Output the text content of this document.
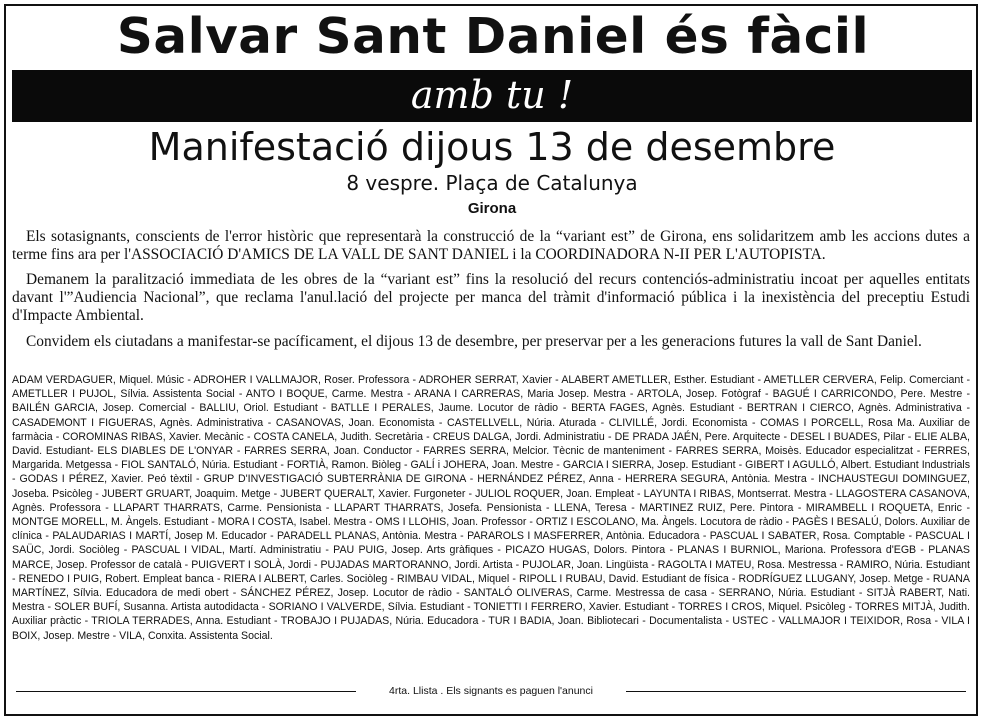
Salvar Sant Daniel és fàcil
amb tu !
Manifestació dijous 13 de desembre
8 vespre. Plaça de Catalunya
Girona
Els sotasignants, conscients de l'error històric que representarà la construcció de la “variant est” de Girona, ens solidaritzem amb les accions dutes a terme fins ara per l'ASSOCIACIÓ D'AMICS DE LA VALL DE SANT DANIEL i la COORDINADORA N-II PER L'AUTOPISTA.
Demanem la paralització immediata de les obres de la “variant est” fins la resolució del recurs contenciós-administratiu incoat per aquelles entitats davant l'”Audiencia Nacional”, que reclama l'anul.lació del projecte per manca del tràmit d'informació pública i la inexistència del preceptiu Estudi d'Impacte Ambiental.
Convidem els ciutadans a manifestar-se pacíficament, el dijous 13 de desembre, per preservar per a les generacions futures la vall de Sant Daniel.
ADAM VERDAGUER, Miquel. Músic - ADROHER I VALLMAJOR, Roser. Professora - ADROHER SERRAT, Xavier - ALABERT AMETLLER, Esther. Estudiant - AMETLLER CERVERA, Felip. Comerciant - AMETLLER I PUJOL, Sílvia. Assistenta Social - ANTO I BOQUE, Carme. Mestra - ARANA I CARRERAS, Maria Josep. Mestra - ARTOLA, Josep. Fotògraf - BAGUÉ I CARRICONDO, Pere. Mestre - BAILÉN GARCIA, Josep. Comercial - BALLIU, Oriol. Estudiant - BATLLE I PERALES, Jaume. Locutor de ràdio - BERTA FAGES, Agnès. Estudiant - BERTRAN I CIERCO, Agnès. Administrativa - CASADEMONT I FIGUERAS, Agnès. Administrativa - CASANOVAS, Joan. Economista - CASTELLVELL, Núria. Aturada - CLIVILLÉ, Jordi. Economista - COMAS I PORCELL, Rosa Ma. Auxiliar de farmàcia - COROMINAS RIBAS, Xavier. Mecànic - COSTA CANELA, Judith. Secretària - CREUS DALGA, Jordi. Administratiu - DE PRADA JAÉN, Pere. Arquitecte - DESEL I BUADES, Pilar - ELIE ALBA, David. Estudiant- ELS DIABLES DE L'ONYAR - FARRES SERRA, Joan. Conductor - FARRES SERRA, Melcior. Tècnic de manteniment - FARRES SERRA, Moisès. Educador especialitzat - FERRES, Margarida. Metgessa - FIOL SANTALÓ, Núria. Estudiant - FORTIÀ, Ramon. Biòleg - GALÍ i JOHERA, Joan. Mestre - GARCIA I SIERRA, Josep. Estudiant - GIBERT I AGULLÓ, Albert. Estudiant Industrials - GODAS I PÉREZ, Xavier. Peó tèxtil - GRUP D'INVESTIGACIÓ SUBTERRÀNIA DE GIRONA - HERNÁNDEZ PÉREZ, Anna - HERRERA SEGURA, Antònia. Mestra - INCHAUSTEGUI DOMINGUEZ, Joseba. Psicòleg - JUBERT GRUART, Joaquim. Metge - JUBERT QUERALT, Xavier. Furgoneter - JULIOL ROQUER, Joan. Empleat - LAYUNTA I RIBAS, Montserrat. Mestra - LLAGOSTERA CASANOVA, Agnès. Professora - LLAPART THARRATS, Carme. Pensionista - LLAPART THARRATS, Josefa. Pensionista - LLENA, Teresa - MARTINEZ RUIZ, Pere. Pintora - MIRAMBELL I ROQUETA, Enric - MONTGE MORELL, M. Àngels. Estudiant - MORA I COSTA, Isabel. Mestra - OMS I LLOHIS, Joan. Professor - ORTIZ I ESCOLANO, Ma. Àngels. Locutora de ràdio - PAGÈS I BESALÚ, Dolors. Auxiliar de clínica - PALAUDARIAS I MARTÍ, Josep M. Educador - PARADELL PLANAS, Antònia. Mestra - PARAROLS I MASFERRER, Antònia. Educadora - PASCUAL I SABATER, Rosa. Comptable - PASCUAL I SAÜC, Jordi. Sociòleg - PASCUAL I VIDAL, Martí. Administratiu - PAU PUIG, Josep. Arts gràfiques - PICAZO HUGAS, Dolors. Pintora - PLANAS I BURNIOL, Mariona. Professora d'EGB - PLANAS MARCE, Josep. Professor de català - PUIGVERT I SOLÀ, Jordi - PUJADAS MARTORANNO, Jordi. Artista - PUJOLAR, Joan. Lingüista - RAGOLTA I MATEU, Rosa. Mestressa - RAMIRO, Núria. Estudiant - RENEDO I PUIG, Robert. Empleat banca - RIERA I ALBERT, Carles. Sociòleg - RIMBAU VIDAL, Miquel - RIPOLL I RUBAU, David. Estudiant de física - RODRÍGUEZ LLUGANY, Josep. Metge - RUANA MARTÍNEZ, Sílvia. Educadora de medi obert - SÁNCHEZ PÉREZ, Josep. Locutor de ràdio - SANTALÓ OLIVERAS, Carme. Mestressa de casa - SERRANO, Núria. Estudiant - SITJÀ RABERT, Nati. Mestra - SOLER BUFÍ, Susanna. Artista autodidacta - SORIANO I VALVERDE, Sílvia. Estudiant - TONIETTI I FERRERO, Xavier. Estudiant - TORRES I CROS, Miquel. Psicòleg - TORRES MITJÀ, Judith. Auxiliar pràctic - TRIOLA TERRADES, Anna. Estudiant - TROBAJO I PUJADAS, Núria. Educadora - TUR I BADIA, Joan. Bibliotecari - Documentalista - USTEC - VALLMAJOR I TEIXIDOR, Rosa - VILA I BOIX, Josep. Mestre - VILA, Conxita. Assistenta Social.
4rta. Llista . Els signants es paguen l'anunci
